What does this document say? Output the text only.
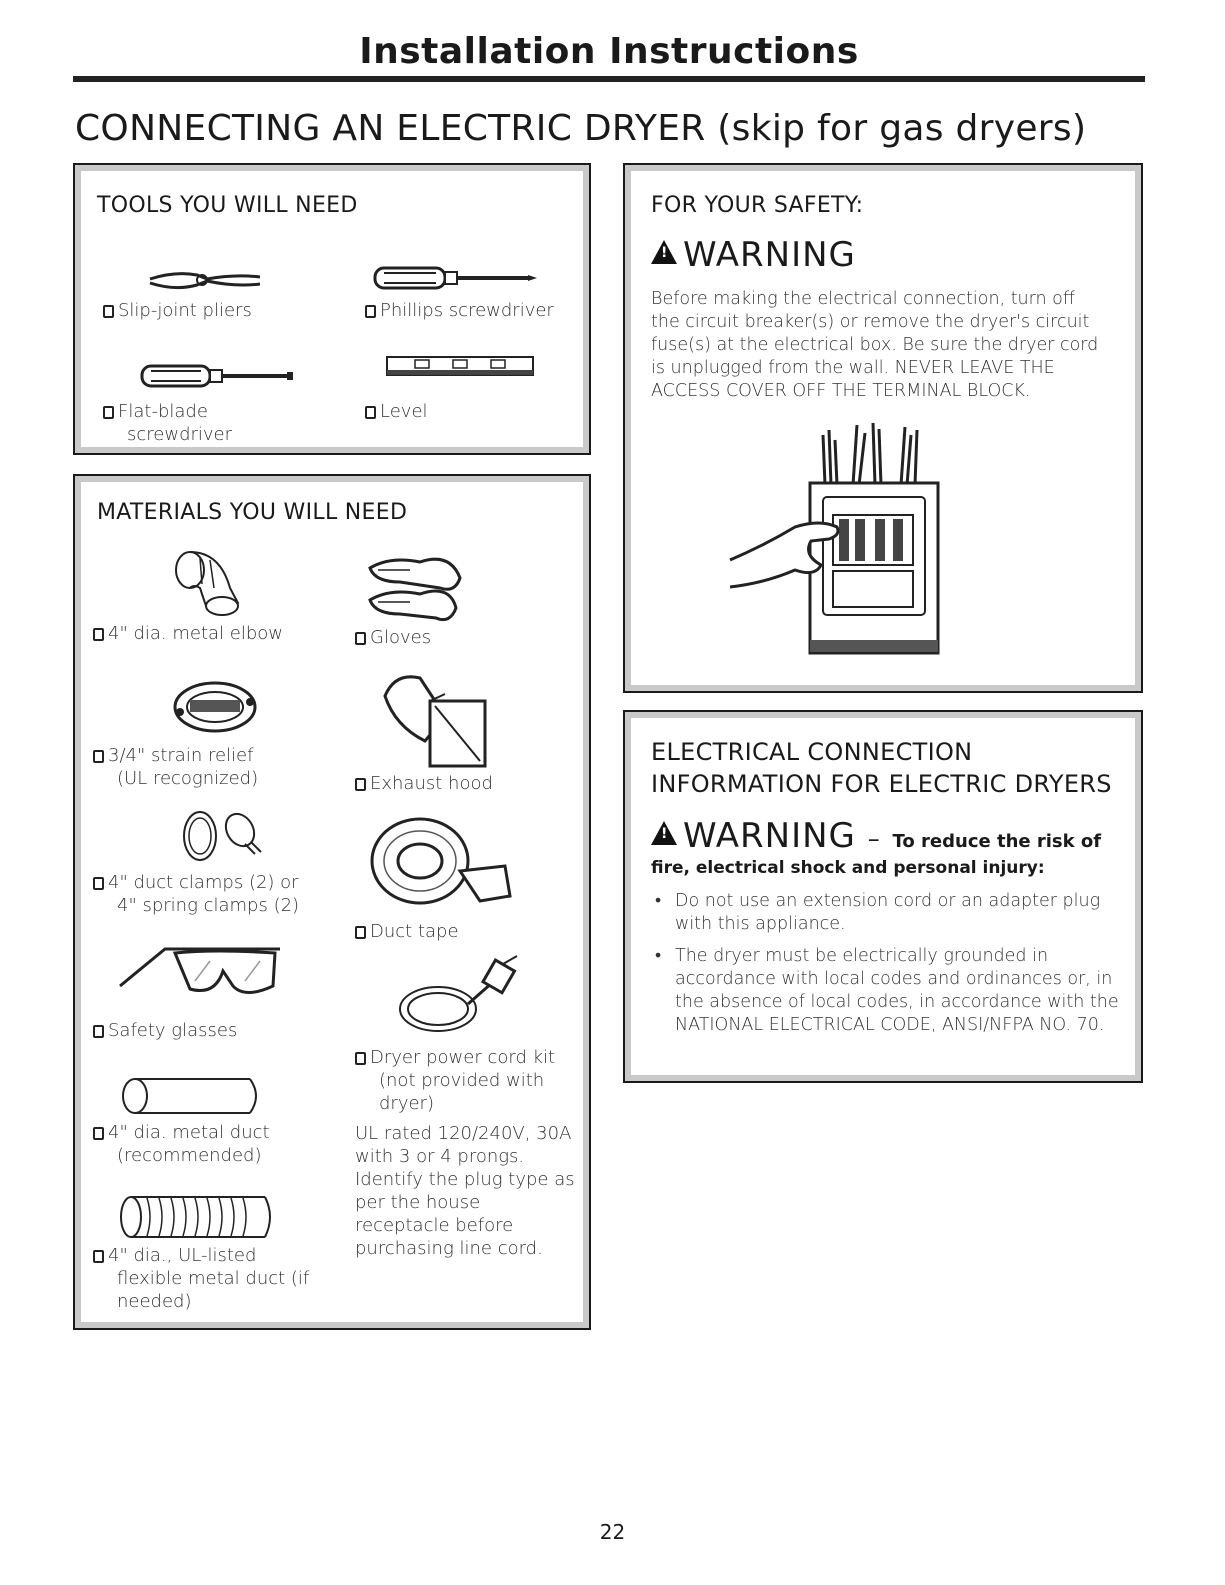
Installation Instructions
CONNECTING AN ELECTRIC DRYER (skip for gas dryers)
TOOLS YOU WILL NEED
Slip-joint pliers	Phillips screwdriver
Flat-blade
screwdriver
Level
MATERIALS YOU WILL NEED
4" dia. metal elbow
3/4" strain relief
(UL recognized)
4" duct clamps (2) or
4" spring clamps (2)
Safety glasses
4" dia. metal duct
(recommended)
4" dia., UL-listed
flexible metal duct (if
needed)
Gloves
Exhaust hood
Duct tape
Dryer power cord kit
(not provided with
dryer)
UL rated 120/240V, 30A
with 3 or 4 prongs.
Identify the plug type as
per the house
receptacle before
purchasing line cord.
FOR YOUR SAFETY:
! WARNING
Before making the electrical connection, turn off
the circuit breaker(s) or remove the dryer's circuit
fuse(s) at the electrical box. Be sure the dryer cord
is unplugged from the wall. NEVER LEAVE THE
ACCESS COVER OFF THE TERMINAL BLOCK.
ELECTRICAL CONNECTION
INFORMATION FOR ELECTRIC DRYERS
! WARNING – To reduce the risk of
fire, electrical shock and personal injury:
• Do not use an extension cord or an adapter plug with this appliance.
• The dryer must be electrically grounded in accordance with local codes and ordinances or, in the absence of local codes, in accordance with the NATIONAL ELECTRICAL CODE, ANSI/NFPA NO. 70.
22
